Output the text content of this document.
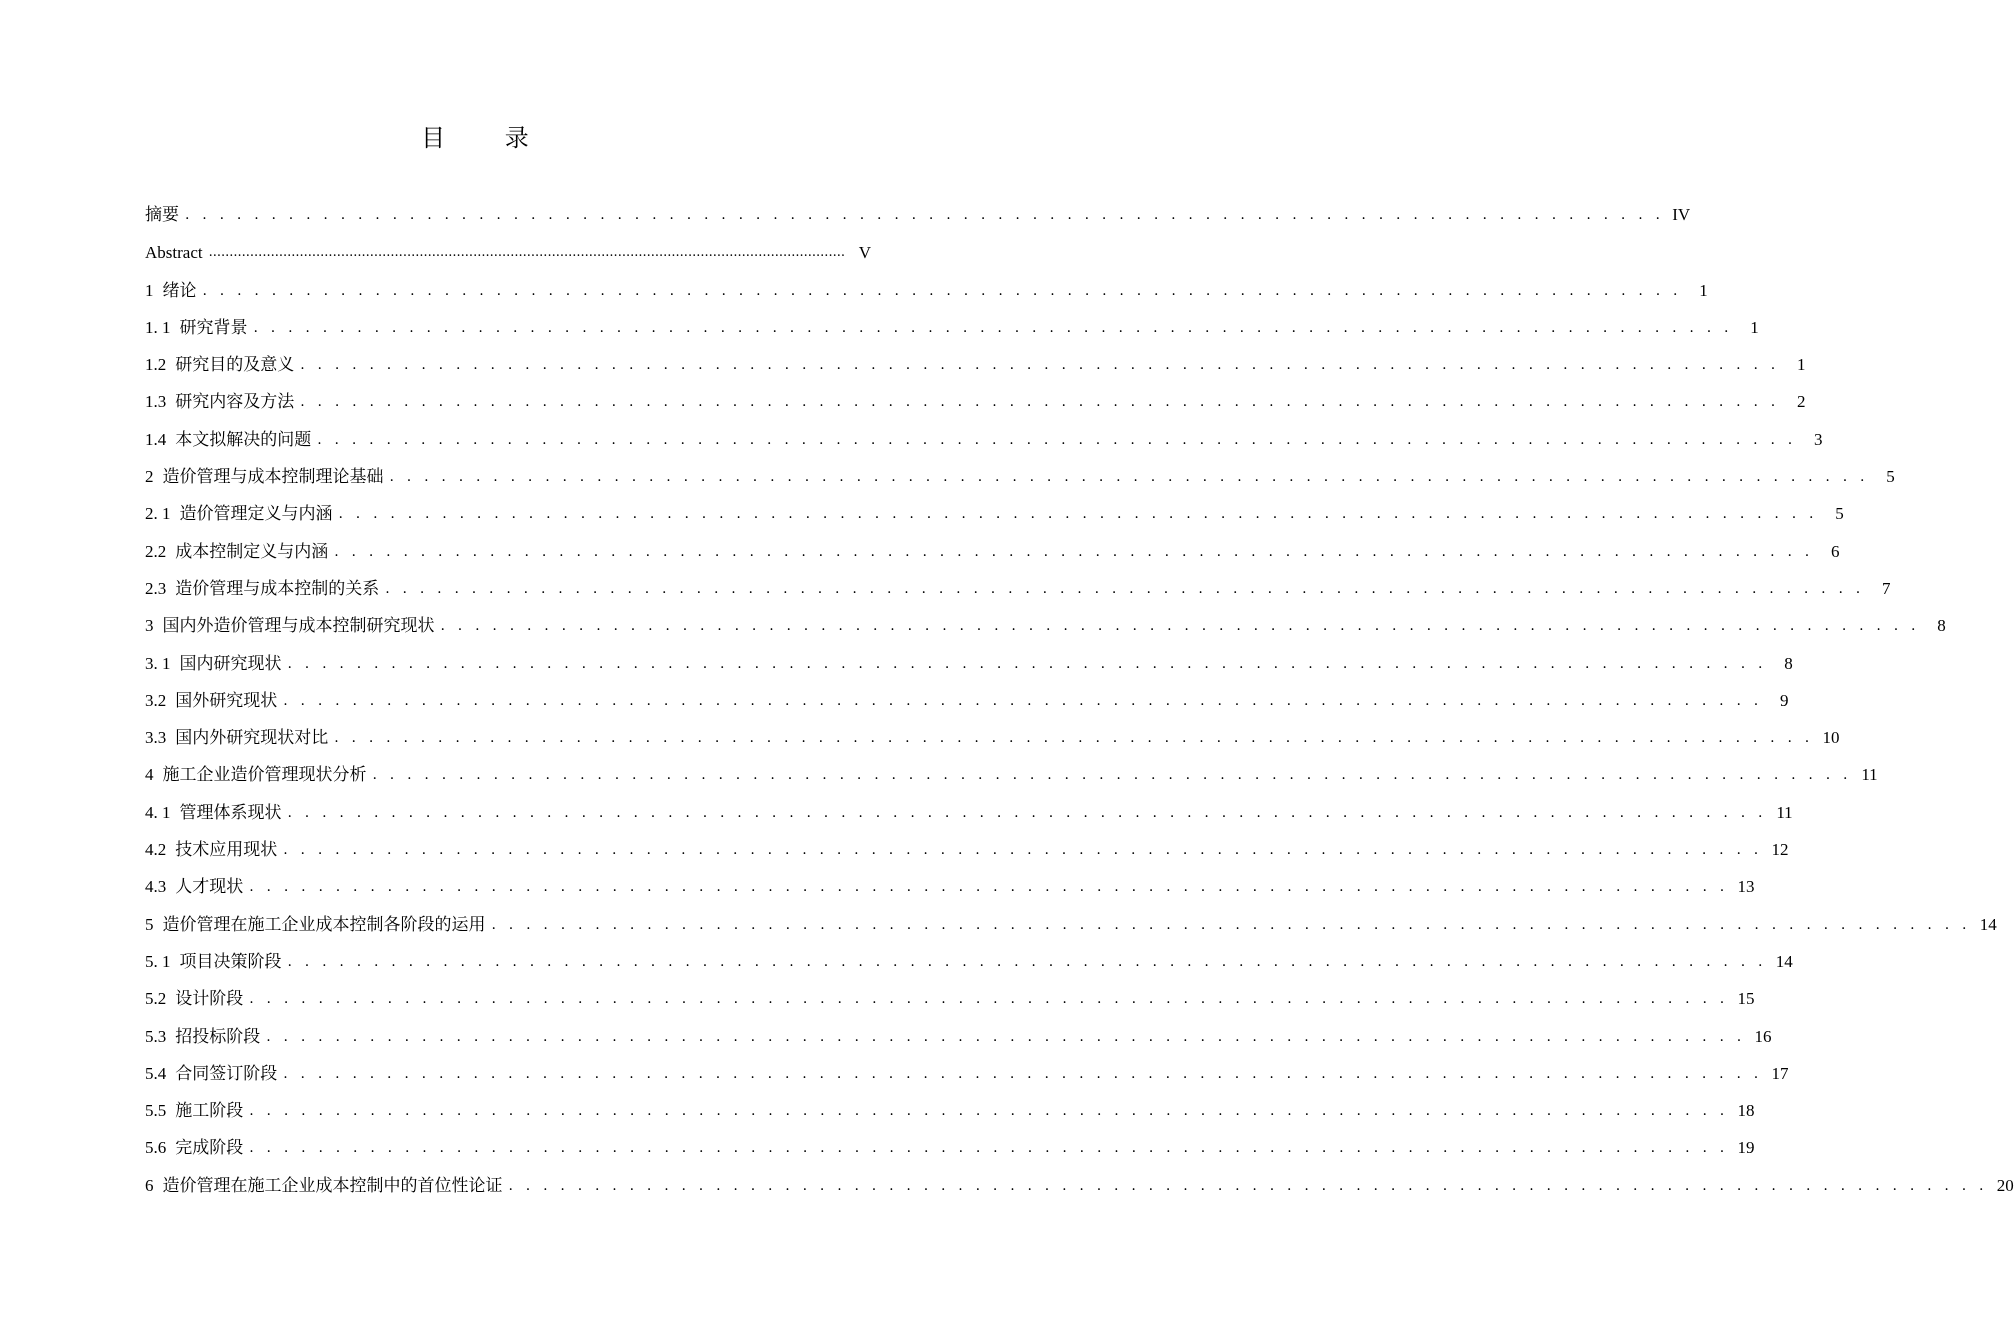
目 录
摘要 . . . . . . . . . . . . . . . . . . . . . . . . . . . . . . . . . . . . . . . . . . . . . . . . . . . . . . . . . . . . . . . . . . . . . . . . . . . . . . . . . . . . . . IV
Abstract .......................................................................................................................................................... V
1 绪论 . . . . . . . . . . . . . . . . . . . . . . . . . . . . . . . . . . . . . . . . . . . . . . . . . . . . . . . . . . . . . . . . . . . . . . . . . . . . . . . . . . . . . .	1
1. 1 研究背景 . . . . . . . . . . . . . . . . . . . . . . . . . . . . . . . . . . . . . . . . . . . . . . . . . . . . . . . . . . . . . . . . . . . . . . . . . . . . . . . . . . . . . .	1
1.2 研究目的及意义 . . . . . . . . . . . . . . . . . . . . . . . . . . . . . . . . . . . . . . . . . . . . . . . . . . . . . . . . . . . . . . . . . . . . . . . . . . . . . . . . . . . . . .	1
1.3 研究内容及方法 . . . . . . . . . . . . . . . . . . . . . . . . . . . . . . . . . . . . . . . . . . . . . . . . . . . . . . . . . . . . . . . . . . . . . . . . . . . . . . . . . . . . . .	2
1.4 本文拟解决的问题 . . . . . . . . . . . . . . . . . . . . . . . . . . . . . . . . . . . . . . . . . . . . . . . . . . . . . . . . . . . . . . . . . . . . . . . . . . . . . . . . . . . . . .	3
2 造价管理与成本控制理论基础 . . . . . . . . . . . . . . . . . . . . . . . . . . . . . . . . . . . . . . . . . . . . . . . . . . . . . . . . . . . . . . . . . . . . . . . . . . . . . . . . . . . . . .	5
2. 1 造价管理定义与内涵 . . . . . . . . . . . . . . . . . . . . . . . . . . . . . . . . . . . . . . . . . . . . . . . . . . . . . . . . . . . . . . . . . . . . . . . . . . . . . . . . . . . . . .	5
2.2 成本控制定义与内涵 . . . . . . . . . . . . . . . . . . . . . . . . . . . . . . . . . . . . . . . . . . . . . . . . . . . . . . . . . . . . . . . . . . . . . . . . . . . . . . . . . . . . . .	6
2.3 造价管理与成本控制的关系 . . . . . . . . . . . . . . . . . . . . . . . . . . . . . . . . . . . . . . . . . . . . . . . . . . . . . . . . . . . . . . . . . . . . . . . . . . . . . . . . . . . . . .	7
3 国内外造价管理与成本控制研究现状 . . . . . . . . . . . . . . . . . . . . . . . . . . . . . . . . . . . . . . . . . . . . . . . . . . . . . . . . . . . . . . . . . . . . . . . . . . . . . . . . . . . . . .	8
3. 1 国内研究现状 . . . . . . . . . . . . . . . . . . . . . . . . . . . . . . . . . . . . . . . . . . . . . . . . . . . . . . . . . . . . . . . . . . . . . . . . . . . . . . . . . . . . . .	8
3.2 国外研究现状 . . . . . . . . . . . . . . . . . . . . . . . . . . . . . . . . . . . . . . . . . . . . . . . . . . . . . . . . . . . . . . . . . . . . . . . . . . . . . . . . . . . . . .	9
3.3 国内外研究现状对比 . . . . . . . . . . . . . . . . . . . . . . . . . . . . . . . . . . . . . . . . . . . . . . . . . . . . . . . . . . . . . . . . . . . . . . . . . . . . . . . . . . . . . . 10
4 施工企业造价管理现状分析 . . . . . . . . . . . . . . . . . . . . . . . . . . . . . . . . . . . . . . . . . . . . . . . . . . . . . . . . . . . . . . . . . . . . . . . . . . . . . . . . . . . . . . 11
4. 1 管理体系现状 . . . . . . . . . . . . . . . . . . . . . . . . . . . . . . . . . . . . . . . . . . . . . . . . . . . . . . . . . . . . . . . . . . . . . . . . . . . . . . . . . . . . . . 11
4.2 技术应用现状 . . . . . . . . . . . . . . . . . . . . . . . . . . . . . . . . . . . . . . . . . . . . . . . . . . . . . . . . . . . . . . . . . . . . . . . . . . . . . . . . . . . . . . 12
4.3 人才现状 . . . . . . . . . . . . . . . . . . . . . . . . . . . . . . . . . . . . . . . . . . . . . . . . . . . . . . . . . . . . . . . . . . . . . . . . . . . . . . . . . . . . . . 13
5 造价管理在施工企业成本控制各阶段的运用 . . . . . . . . . . . . . . . . . . . . . . . . . . . . . . . . . . . . . . . . . . . . . . . . . . . . . . . . . . . . . . . . . . . . . . . . . . . . . . . . . . . . . . 14
5. 1 项目决策阶段 . . . . . . . . . . . . . . . . . . . . . . . . . . . . . . . . . . . . . . . . . . . . . . . . . . . . . . . . . . . . . . . . . . . . . . . . . . . . . . . . . . . . . . 14
5.2 设计阶段 . . . . . . . . . . . . . . . . . . . . . . . . . . . . . . . . . . . . . . . . . . . . . . . . . . . . . . . . . . . . . . . . . . . . . . . . . . . . . . . . . . . . . . 15
5.3 招投标阶段 . . . . . . . . . . . . . . . . . . . . . . . . . . . . . . . . . . . . . . . . . . . . . . . . . . . . . . . . . . . . . . . . . . . . . . . . . . . . . . . . . . . . . . 16
5.4 合同签订阶段 . . . . . . . . . . . . . . . . . . . . . . . . . . . . . . . . . . . . . . . . . . . . . . . . . . . . . . . . . . . . . . . . . . . . . . . . . . . . . . . . . . . . . . 17
5.5 施工阶段 . . . . . . . . . . . . . . . . . . . . . . . . . . . . . . . . . . . . . . . . . . . . . . . . . . . . . . . . . . . . . . . . . . . . . . . . . . . . . . . . . . . . . . 18
5.6 完成阶段 . . . . . . . . . . . . . . . . . . . . . . . . . . . . . . . . . . . . . . . . . . . . . . . . . . . . . . . . . . . . . . . . . . . . . . . . . . . . . . . . . . . . . . 19
6 造价管理在施工企业成本控制中的首位性论证 . . . . . . . . . . . . . . . . . . . . . . . . . . . . . . . . . . . . . . . . . . . . . . . . . . . . . . . . . . . . . . . . . . . . . . . . . . . . . . . . . . . . . . 20
